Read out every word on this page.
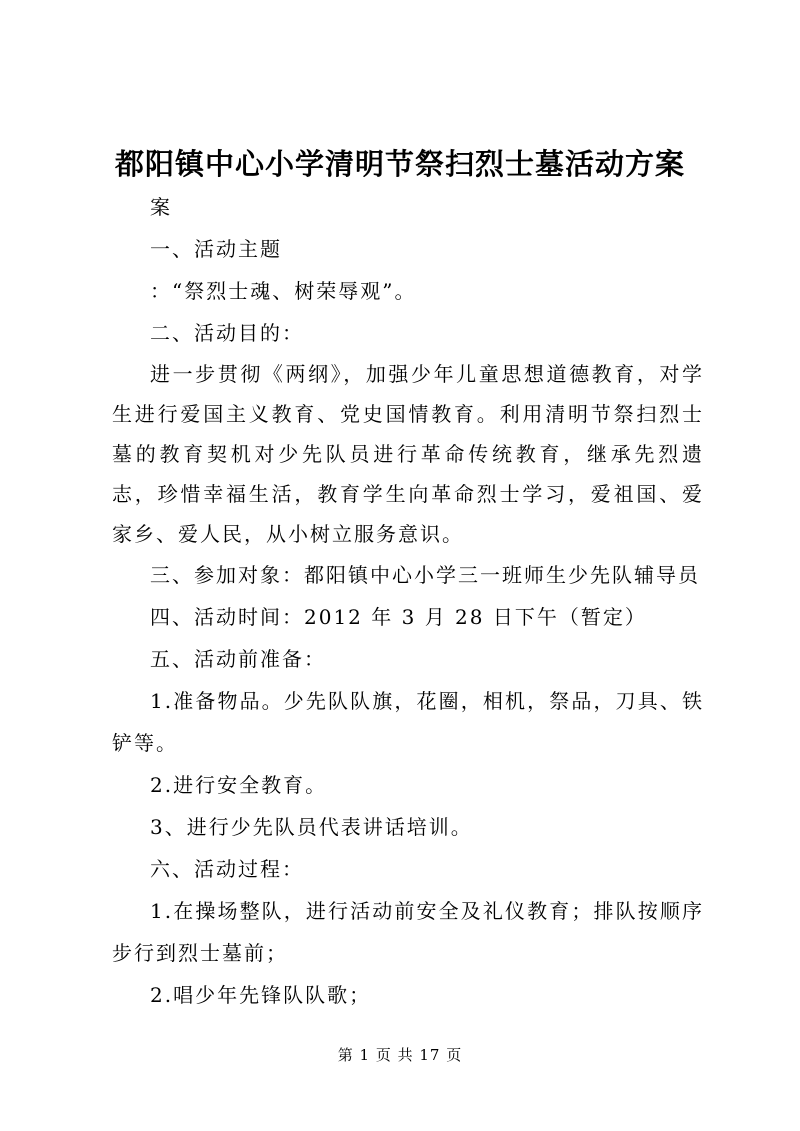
都阳镇中心小学清明节祭扫烈士墓活动方案

案

一、活动主题

：“祭烈士魂、树荣辱观”。

二、活动目的：

进一步贯彻《两纲》，加强少年儿童思想道德教育，对学生进行爱国主义教育、党史国情教育。利用清明节祭扫烈士墓的教育契机对少先队员进行革命传统教育，继承先烈遗志，珍惜幸福生活，教育学生向革命烈士学习，爱祖国、爱家乡、爱人民，从小树立服务意识。

三、参加对象：都阳镇中心小学三一班师生少先队辅导员

四、活动时间：2012 年 3 月 28 日下午（暂定）

五、活动前准备：

1.准备物品。少先队队旗，花圈，相机，祭品，刀具、铁铲等。

2.进行安全教育。

3、进行少先队员代表讲话培训。

六、活动过程：

1.在操场整队，进行活动前安全及礼仪教育；排队按顺序步行到烈士墓前；

2.唱少年先锋队队歌；

第 1 页 共 17 页
